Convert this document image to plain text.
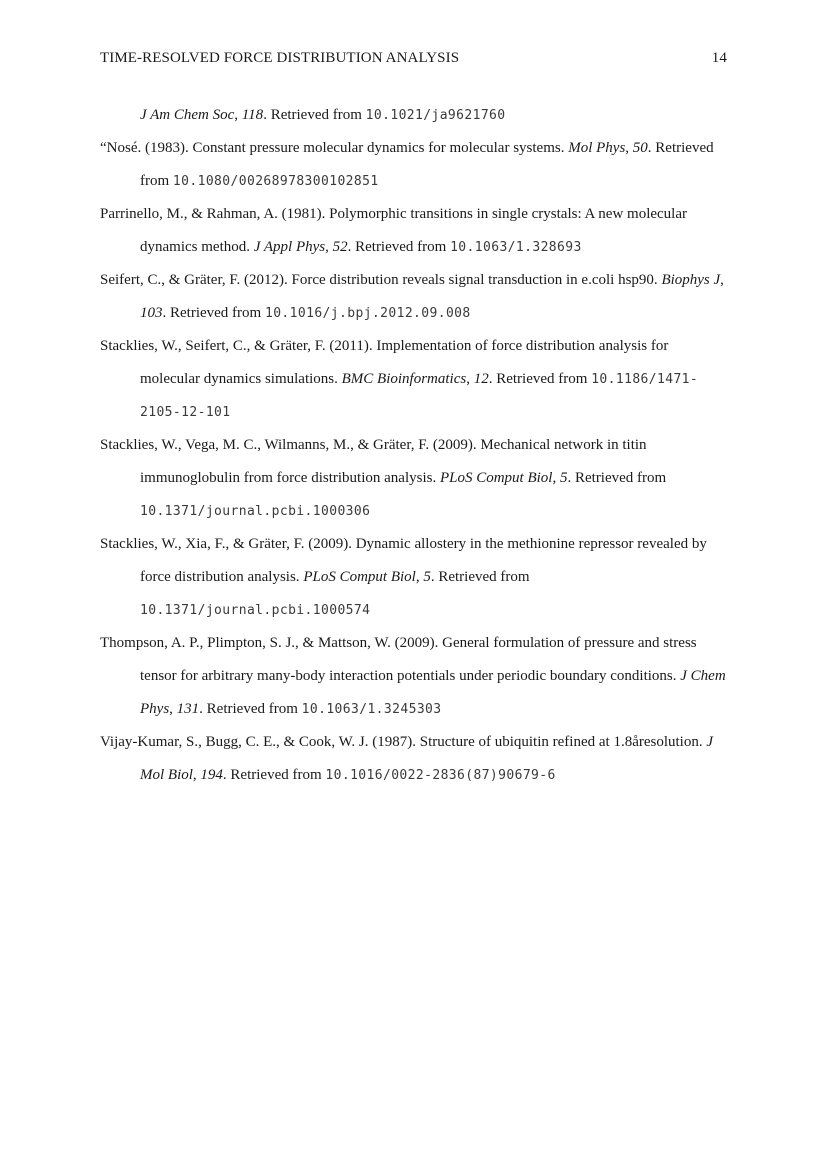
TIME-RESOLVED FORCE DISTRIBUTION ANALYSIS	14
J Am Chem Soc, 118. Retrieved from 10.1021/ja9621760
“Nosé. (1983). Constant pressure molecular dynamics for molecular systems. Mol Phys, 50. Retrieved from 10.1080/00268978300102851
Parrinello, M., & Rahman, A. (1981). Polymorphic transitions in single crystals: A new molecular dynamics method. J Appl Phys, 52. Retrieved from 10.1063/1.328693
Seifert, C., & Gräter, F. (2012). Force distribution reveals signal transduction in e.coli hsp90. Biophys J, 103. Retrieved from 10.1016/j.bpj.2012.09.008
Stacklies, W., Seifert, C., & Gräter, F. (2011). Implementation of force distribution analysis for molecular dynamics simulations. BMC Bioinformatics, 12. Retrieved from 10.1186/1471-2105-12-101
Stacklies, W., Vega, M. C., Wilmanns, M., & Gräter, F. (2009). Mechanical network in titin immunoglobulin from force distribution analysis. PLoS Comput Biol, 5. Retrieved from 10.1371/journal.pcbi.1000306
Stacklies, W., Xia, F., & Gräter, F. (2009). Dynamic allostery in the methionine repressor revealed by force distribution analysis. PLoS Comput Biol, 5. Retrieved from 10.1371/journal.pcbi.1000574
Thompson, A. P., Plimpton, S. J., & Mattson, W. (2009). General formulation of pressure and stress tensor for arbitrary many-body interaction potentials under periodic boundary conditions. J Chem Phys, 131. Retrieved from 10.1063/1.3245303
Vijay-Kumar, S., Bugg, C. E., & Cook, W. J. (1987). Structure of ubiquitin refined at 1.8åresolution. J Mol Biol, 194. Retrieved from 10.1016/0022-2836(87)90679-6
